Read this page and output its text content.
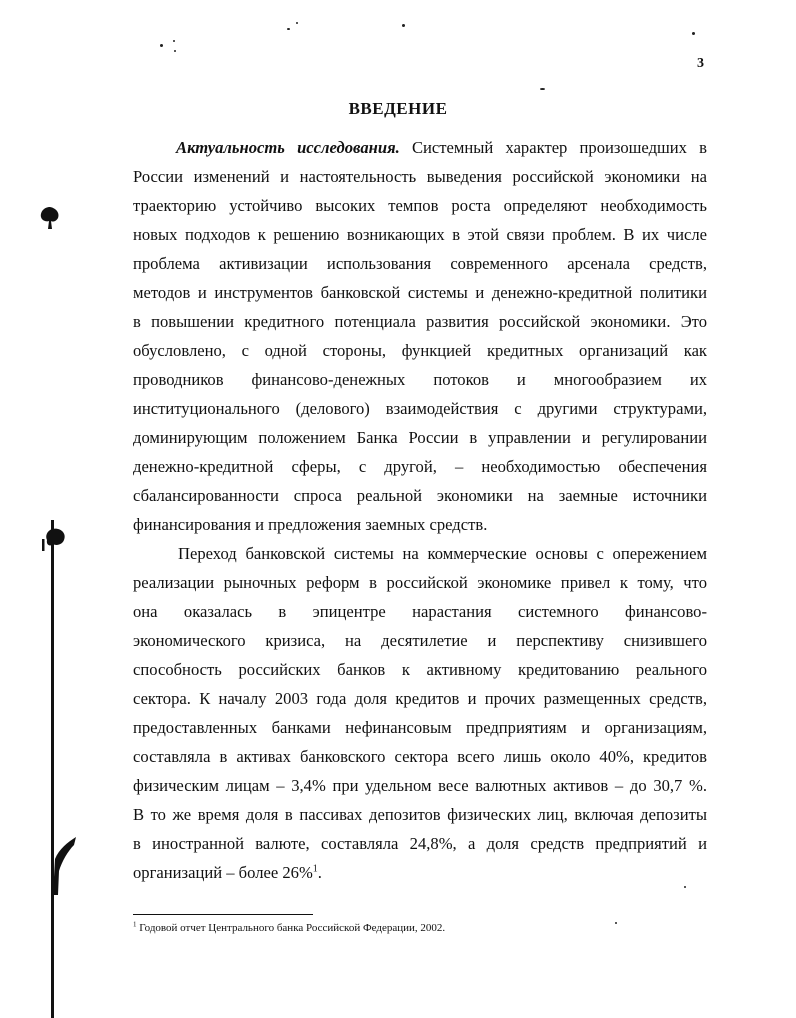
3
ВВЕДЕНИЕ
Актуальность исследования. Системный характер произошедших в
России изменений и настоятельность выведения российской экономики на
траекторию устойчиво высоких темпов роста определяют необходимость
новых подходов к решению возникающих в этой связи проблем. В их числе
проблема активизации использования современного арсенала средств,
методов и инструментов банковской системы и денежно-кредитной политики
в повышении кредитного потенциала развития российской экономики. Это
обусловлено, с одной стороны, функцией кредитных организаций как
проводников финансово-денежных потоков и многообразием их
институционального (делового) взаимодействия с другими структурами,
доминирующим положением Банка России в управлении и регулировании
денежно-кредитной сферы, с другой, – необходимостью обеспечения
сбалансированности спроса реальной экономики на заемные источники
финансирования и предложения заемных средств.
Переход банковской системы на коммерческие основы с опережением
реализации рыночных реформ в российской экономике привел к тому, что
она оказалась в эпицентре нарастания системного финансово-
экономического кризиса, на десятилетие и перспективу снизившего
способность российских банков к активному кредитованию реального
сектора. К началу 2003 года доля кредитов и прочих размещенных средств,
предоставленных банками нефинансовым предприятиям и организациям,
составляла в активах банковского сектора всего лишь около 40%, кредитов
физическим лицам – 3,4% при удельном весе валютных активов – до 30,7 %.
В то же время доля в пассивах депозитов физических лиц, включая депозиты
в иностранной валюте, составляла 24,8%, а доля средств предприятий и
организаций – более 26%$^1$.
$^1$ Годовой отчет Центрального банка Российской Федерации, 2002.
